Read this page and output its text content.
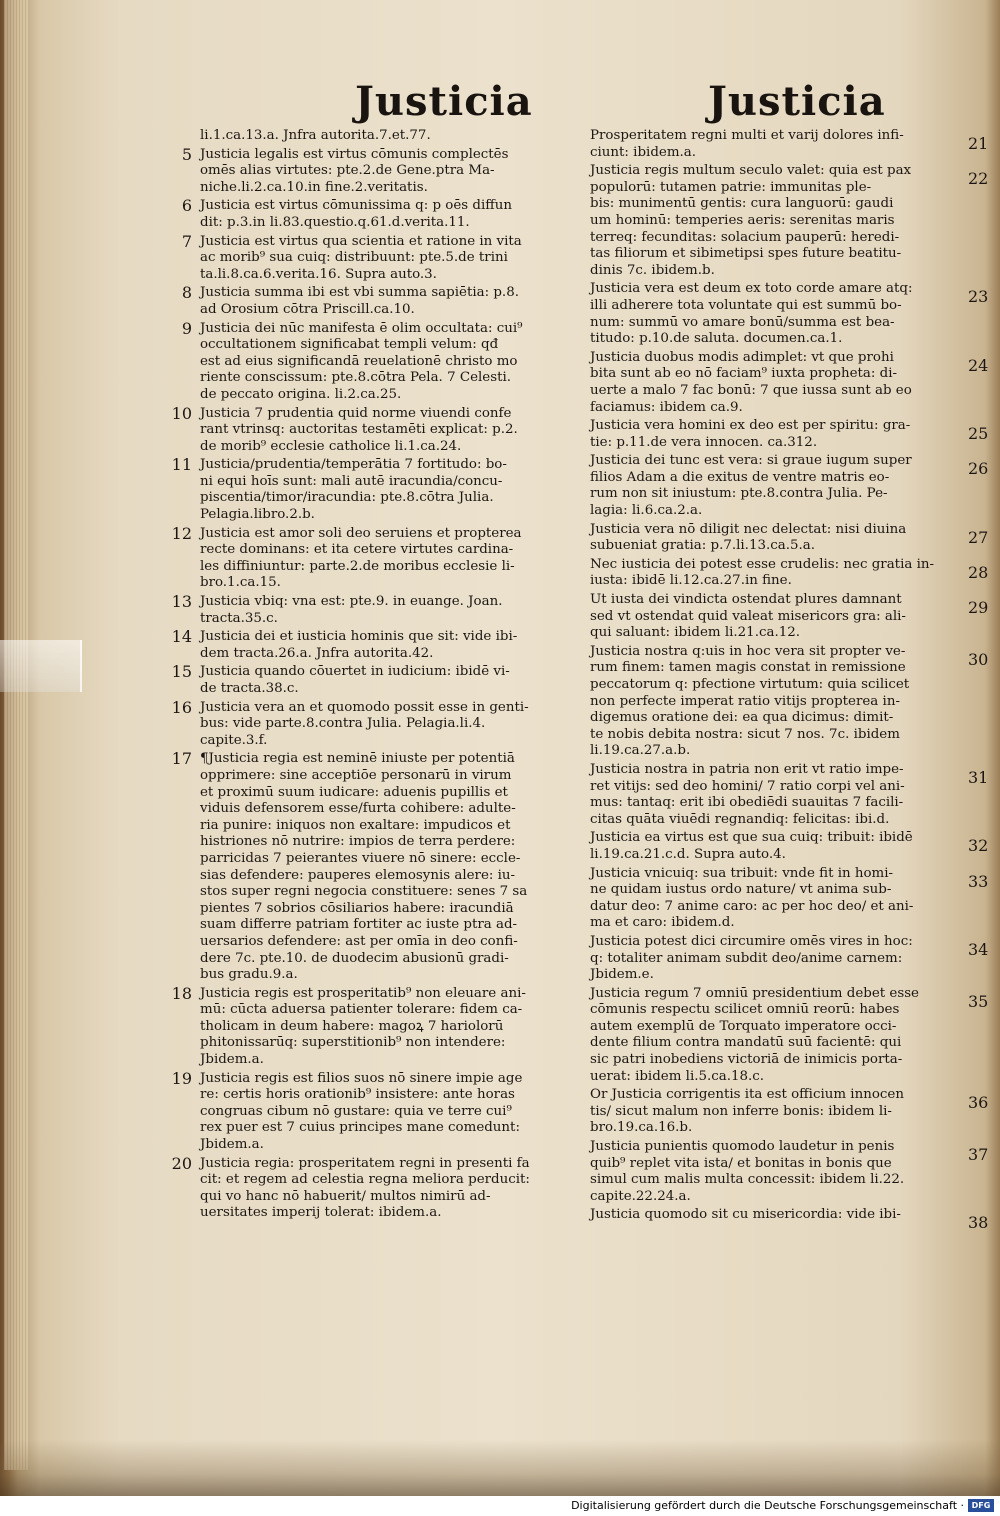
Justicia	Justicia
li.1.ca.13.a. Jnfra autorita.7.et.77.
5 Justicia legalis est virtus cōmunis complectēs
omēs alias virtutes: pte.2.de Gene.ptra Ma-
niche.li.2.ca.10.in fine.2.veritatis.
6 Justicia est virtus cōmunissima q: p oēs diffun
dit: p.3.in li.83.questio.q.61.d.verita.11.
7 Justicia est virtus qua scientia et ratione in vita
ac morib⁹ sua cuiq: distribuunt: pte.5.de trini
ta.li.8.ca.6.verita.16. Supra auto.3.
8 Justicia summa ibi est vbi summa sapiētia: p.8.
ad Orosium cōtra Priscill.ca.10.
9 Justicia dei nūc manifesta ē olim occultata: cui⁹
occultationem significabat templi velum: qđ
est ad eius significandā reuelationē christo mo
riente conscissum: pte.8.cōtra Pela. 7 Celesti.
de peccato origina. li.2.ca.25.
10 Justicia 7 prudentia quid norme viuendi confe
rant vtrinsq: auctoritas testamēti explicat: p.2.
de morib⁹ ecclesie catholice li.1.ca.24.
11 Justicia/prudentia/temperātia 7 fortitudo: bo-
ni equi hoīs sunt: mali autē iracundia/concu-
piscentia/timor/iracundia: pte.8.cōtra Julia.
Pelagia.libro.2.b.
12 Justicia est amor soli deo seruiens et propterea
recte dominans: et ita cetere virtutes cardina-
les diffiniuntur: parte.2.de moribus ecclesie li-
bro.1.ca.15.
13 Justicia vbiq: vna est: pte.9. in euange. Joan.
tracta.35.c.
14 Justicia dei et iusticia hominis que sit: vide ibi-
dem tracta.26.a. Jnfra autorita.42.
15 Justicia quando cōuertet in iudicium: ibidē vi-
de tracta.38.c.
16 Justicia vera an et quomodo possit esse in genti-
bus: vide parte.8.contra Julia. Pelagia.li.4.
capite.3.f.
17 ¶Justicia regia est neminē iniuste per potentiā
opprimere: sine acceptiōe personarū in virum
et proximū suum iudicare: aduenis pupillis et
viduis defensorem esse/furta cohibere: adulte-
ria punire: iniquos non exaltare: impudicos et
histriones nō nutrire: impios de terra perdere:
parricidas 7 peierantes viuere nō sinere: eccle-
sias defendere: pauperes elemosynis alere: iu-
stos super regni negocia constituere: senes 7 sa
pientes 7 sobrios cōsiliarios habere: iracundiā
suam differre patriam fortiter ac iuste ptra ad-
uersarios defendere: ast per omīa in deo confi-
dere 7c. pte.10. de duodecim abusionū gradi-
bus gradu.9.a.
18 Justicia regis est prosperitatib⁹ non eleuare ani-
mū: cūcta aduersa patienter tolerare: fidem ca-
tholicam in deum habere: magoꝝ 7 hariolorū
phitonissarūq: superstitionib⁹ non intendere:
Jbidem.a.
19 Justicia regis est filios suos nō sinere impie age
re: certis horis orationib⁹ insistere: ante horas
congruas cibum nō gustare: quia ve terre cui⁹
rex puer est 7 cuius principes mane comedunt:
Jbidem.a.
20 Justicia regia: prosperitatem regni in presenti fa
cit: et regem ad celestia regna meliora perducit:
qui vo hanc nō habuerit/ multos nimirū ad-
uersitates imperij tolerat: ibidem.a.
21
Prosperitatem regni multi et varij dolores infi-
ciunt: ibidem.a.
22
Justicia regis multum seculo valet: quia est pax
populorū: tutamen patrie: immunitas ple-
bis: munimentū gentis: cura languorū: gaudi
um hominū: temperies aeris: serenitas maris
terreq: fecunditas: solacium pauperū: heredi-
tas filiorum et sibimetipsi spes future beatitu-
dinis 7c. ibidem.b.
23
Justicia vera est deum ex toto corde amare atq:
illi adherere tota voluntate qui est summū bo-
num: summū vo amare bonū/summa est bea-
titudo: p.10.de saluta. documen.ca.1.
24
Justicia duobus modis adimplet: vt que prohi
bita sunt ab eo nō faciam⁹ iuxta propheta: di-
uerte a malo 7 fac bonū: 7 que iussa sunt ab eo
faciamus: ibidem ca.9.
25
Justicia vera homini ex deo est per spiritu: gra-
tie: p.11.de vera innocen. ca.312.
26
Justicia dei tunc est vera: si graue iugum super
filios Adam a die exitus de ventre matris eo-
rum non sit iniustum: pte.8.contra Julia. Pe-
lagia: li.6.ca.2.a.
27
Justicia vera nō diligit nec delectat: nisi diuina
subueniat gratia: p.7.li.13.ca.5.a.
28
Nec iusticia dei potest esse crudelis: nec gratia in-
iusta: ibidē li.12.ca.27.in fine.
29
Ut iusta dei vindicta ostendat plures damnant
sed vt ostendat quid valeat misericors gra: ali-
qui saluant: ibidem li.21.ca.12.
30
Justicia nostra q:uis in hoc vera sit propter ve-
rum finem: tamen magis constat in remissione
peccatorum q: pfectione virtutum: quia scilicet
non perfecte imperat ratio vitijs propterea in-
digemus oratione dei: ea qua dicimus: dimit-
te nobis debita nostra: sicut 7 nos. 7c. ibidem
li.19.ca.27.a.b.
31
Justicia nostra in patria non erit vt ratio impe-
ret vitijs: sed deo homini/ 7 ratio corpi vel ani-
mus: tantaq: erit ibi obediēdi suauitas 7 facili-
citas quāta viuēdi regnandiq: felicitas: ibi.d.
32
Justicia ea virtus est que sua cuiq: tribuit: ibidē
li.19.ca.21.c.d. Supra auto.4.
33
Justicia vnicuiq: sua tribuit: vnde fit in homi-
ne quidam iustus ordo nature/ vt anima sub-
datur deo: 7 anime caro: ac per hoc deo/ et ani-
ma et caro: ibidem.d.
34
Justicia potest dici circumire omēs vires in hoc:
q: totaliter animam subdit deo/anime carnem:
Jbidem.e.
35
Justicia regum 7 omniū presidentium debet esse
cōmunis respectu scilicet omniū reorū: habes
autem exemplū de Torquato imperatore occi-
dente filium contra mandatū suū facientē: qui
sic patri inobediens victoriā de inimicis porta-
uerat: ibidem li.5.ca.18.c.
36
Or Justicia corrigentis ita est officium innocen
tis/ sicut malum non inferre bonis: ibidem li-
bro.19.ca.16.b.
37
Justicia punientis quomodo laudetur in penis
quib⁹ replet vita ista/ et bonitas in bonis que
simul cum malis multa concessit: ibidem li.22.
capite.22.24.a.
38
Justicia quomodo sit cu misericordia: vide ibi-
Digitalisierung gefördert durch die Deutsche Forschungsgemeinschaft · DFG
